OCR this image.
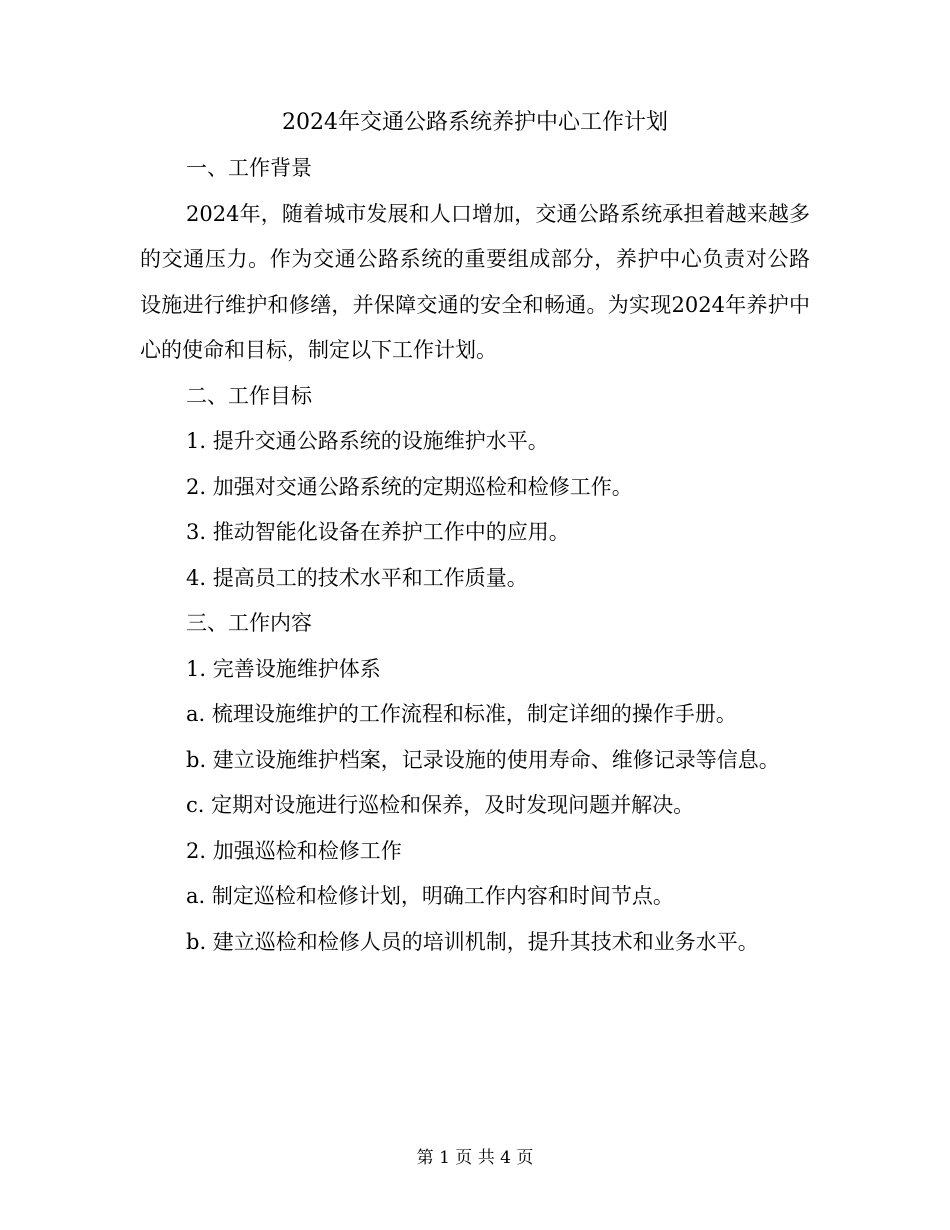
2024年交通公路系统养护中心工作计划

一、工作背景

2024年，随着城市发展和人口增加，交通公路系统承担着越来越多的交通压力。作为交通公路系统的重要组成部分，养护中心负责对公路设施进行维护和修缮，并保障交通的安全和畅通。为实现2024年养护中心的使命和目标，制定以下工作计划。

二、工作目标

1. 提升交通公路系统的设施维护水平。

2. 加强对交通公路系统的定期巡检和检修工作。

3. 推动智能化设备在养护工作中的应用。

4. 提高员工的技术水平和工作质量。

三、工作内容

1. 完善设施维护体系

a. 梳理设施维护的工作流程和标准，制定详细的操作手册。

b. 建立设施维护档案，记录设施的使用寿命、维修记录等信息。

c. 定期对设施进行巡检和保养，及时发现问题并解决。

2. 加强巡检和检修工作

a. 制定巡检和检修计划，明确工作内容和时间节点。

b. 建立巡检和检修人员的培训机制，提升其技术和业务水平。

第 1 页 共 4 页
